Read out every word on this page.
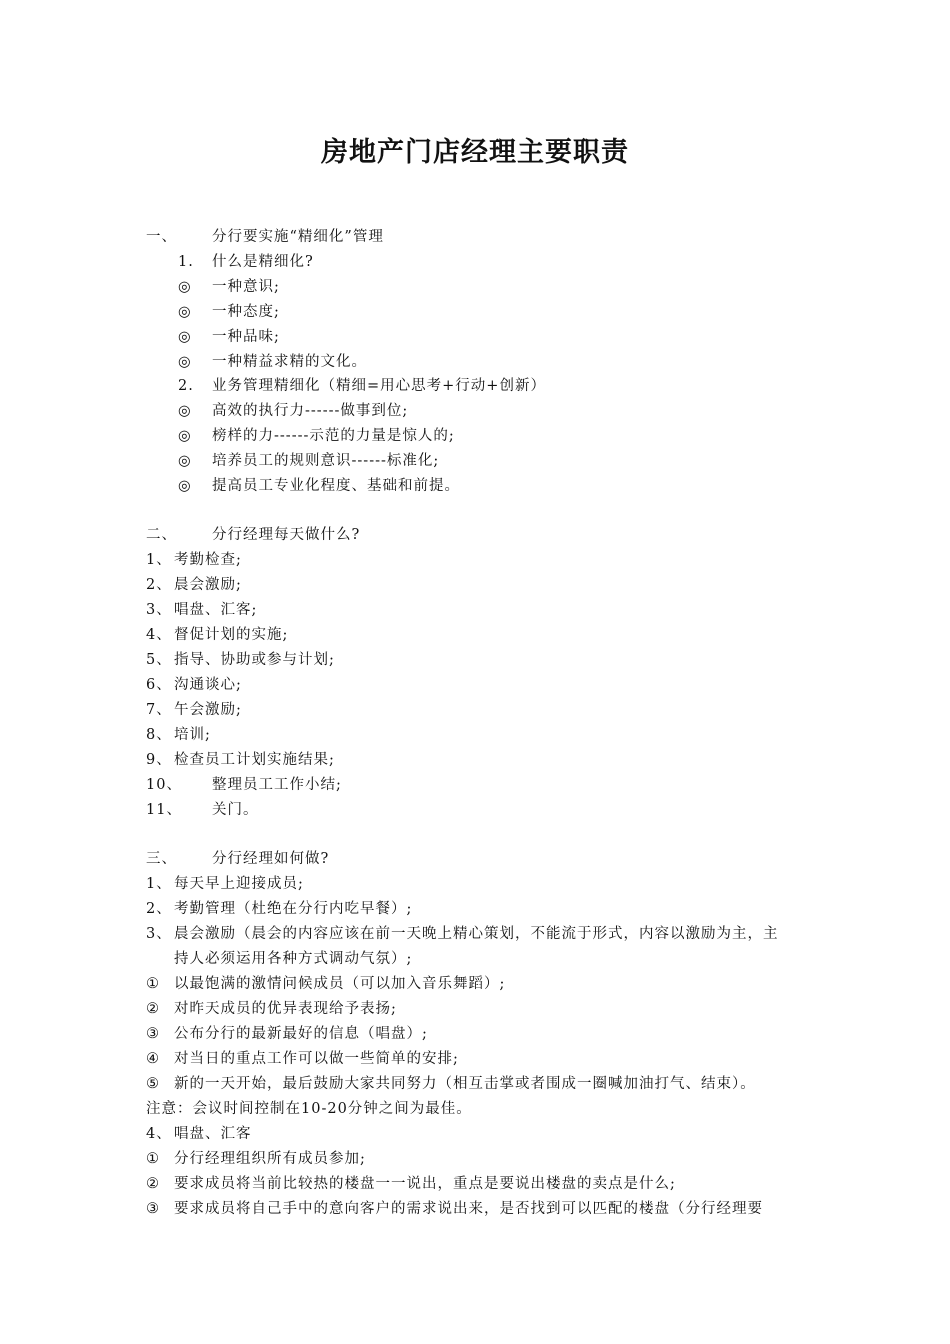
房地产门店经理主要职责
一、 分行要实施“精细化”管理
1. 什么是精细化?
◎ 一种意识;
◎ 一种态度;
◎ 一种品味;
◎ 一种精益求精的文化。
2. 业务管理精细化（精细=用心思考+行动+创新）
◎ 高效的执行力------做事到位;
◎ 榜样的力------示范的力量是惊人的;
◎ 培养员工的规则意识------标准化;
◎ 提高员工专业化程度、基础和前提。
二、 分行经理每天做什么?
1、 考勤检查;
2、 晨会激励;
3、 唱盘、汇客;
4、 督促计划的实施;
5、 指导、协助或参与计划;
6、 沟通谈心;
7、 午会激励;
8、 培训;
9、 检查员工计划实施结果;
10、 整理员工工作小结;
11、 关门。
三、 分行经理如何做?
1、 每天早上迎接成员;
2、 考勤管理（杜绝在分行内吃早餐）;
3、 晨会激励（晨会的内容应该在前一天晚上精心策划，不能流于形式，内容以激励为主，主
持人必须运用各种方式调动气氛）;
① 以最饱满的激情问候成员（可以加入音乐舞蹈）;
② 对昨天成员的优异表现给予表扬;
③ 公布分行的最新最好的信息（唱盘）;
④ 对当日的重点工作可以做一些简单的安排;
⑤ 新的一天开始，最后鼓励大家共同努力（相互击掌或者围成一圈喊加油打气、结束）。
注意：会议时间控制在10-20分钟之间为最佳。
4、 唱盘、汇客
① 分行经理组织所有成员参加;
② 要求成员将当前比较热的楼盘一一说出，重点是要说出楼盘的卖点是什么;
③ 要求成员将自己手中的意向客户的需求说出来，是否找到可以匹配的楼盘（分行经理要
